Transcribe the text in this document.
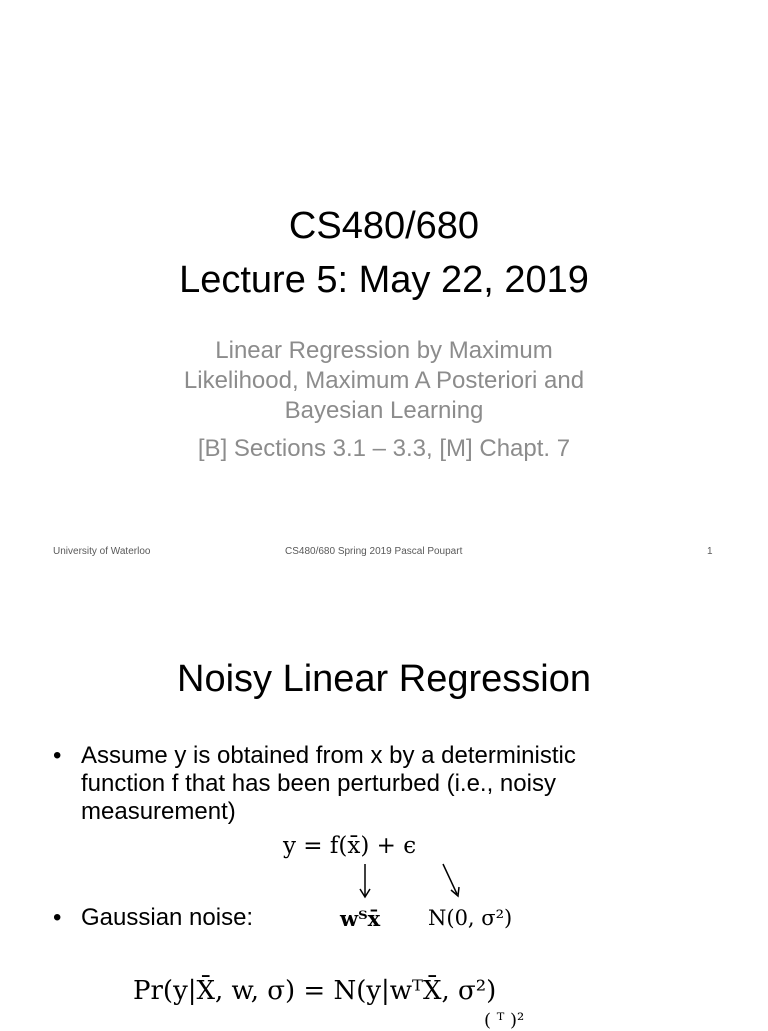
CS480/680
Lecture 5: May 22, 2019
Linear Regression by Maximum
Likelihood, Maximum A Posteriori and
Bayesian Learning
[B] Sections 3.1 – 3.3, [M] Chapt. 7
University of Waterloo	CS480/680 Spring 2019 Pascal Poupart	1
Noisy Linear Regression
• Assume y is obtained from x by a deterministic
function f that has been perturbed (i.e., noisy
measurement)
y = f(x̄) + ϵ
• Gaussian noise:	wᵀx̄ N(0, σ²)
Pr(y|X̄, w, σ) = N(y|wᵀX̄, σ²)
( ᵀ )²
